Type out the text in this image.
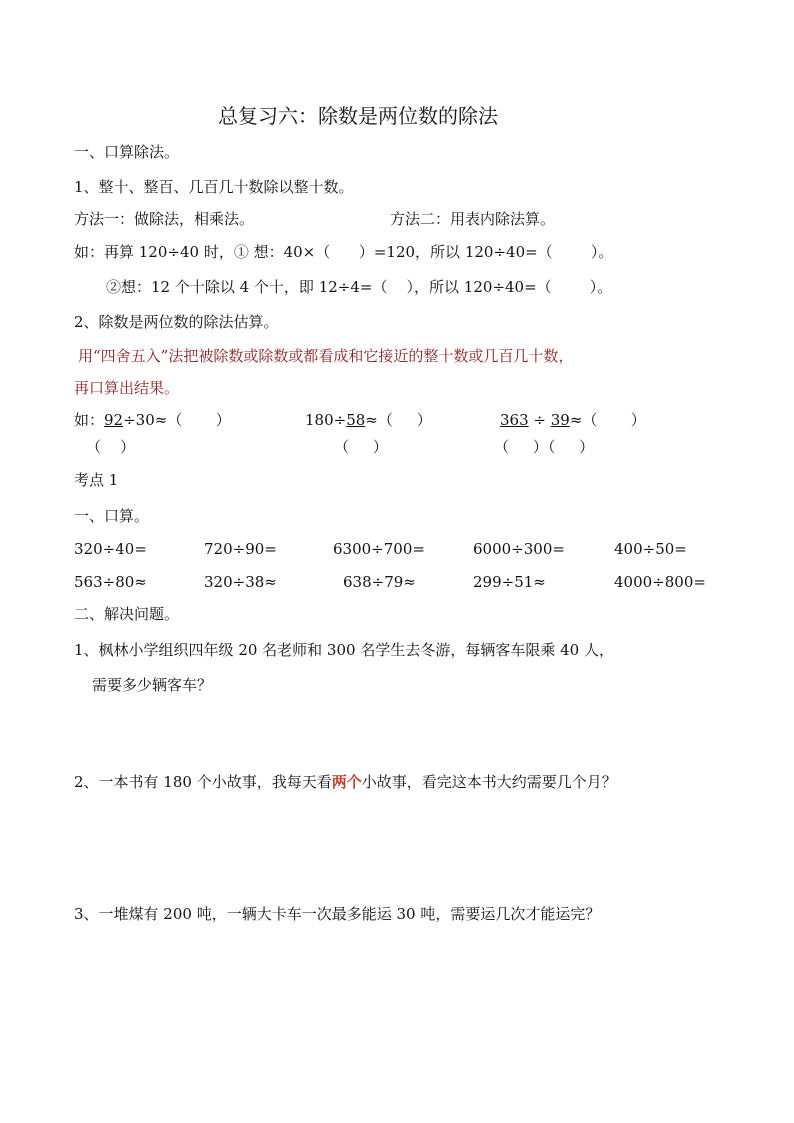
总复习六：除数是两位数的除法
一、口算除法。
1、整十、整百、几百几十数除以整十数。
方法一：做除法，相乘法。	方法二：用表内除法算。
如：再算 120÷40 时，① 想：40×（      ）=120，所以 120÷40=（        ）。
②想：12 个十除以 4 个十，即 12÷4=（    ），所以 120÷40=（        ）。
2、除数是两位数的除法估算。
用“四舍五入”法把被除数或除数或都看成和它接近的整十数或几百几十数，
再口算出结果。
如：92÷30≈（       ）	180÷58≈（     ）	363 ÷ 39≈（       ）
（    ）	（     ）	（     ）（     ）
考点 1
一、口算。
320÷40=	720÷90=	6300÷700=	6000÷300=	400÷50=
563÷80≈	320÷38≈	638÷79≈	299÷51≈	4000÷800=
二、解决问题。
1、枫林小学组织四年级 20 名老师和 300 名学生去冬游，每辆客车限乘 40 人，
需要多少辆客车？
2、一本书有 180 个小故事，我每天看两个小故事，看完这本书大约需要几个月？
3、一堆煤有 200 吨，一辆大卡车一次最多能运 30 吨，需要运几次才能运完？
